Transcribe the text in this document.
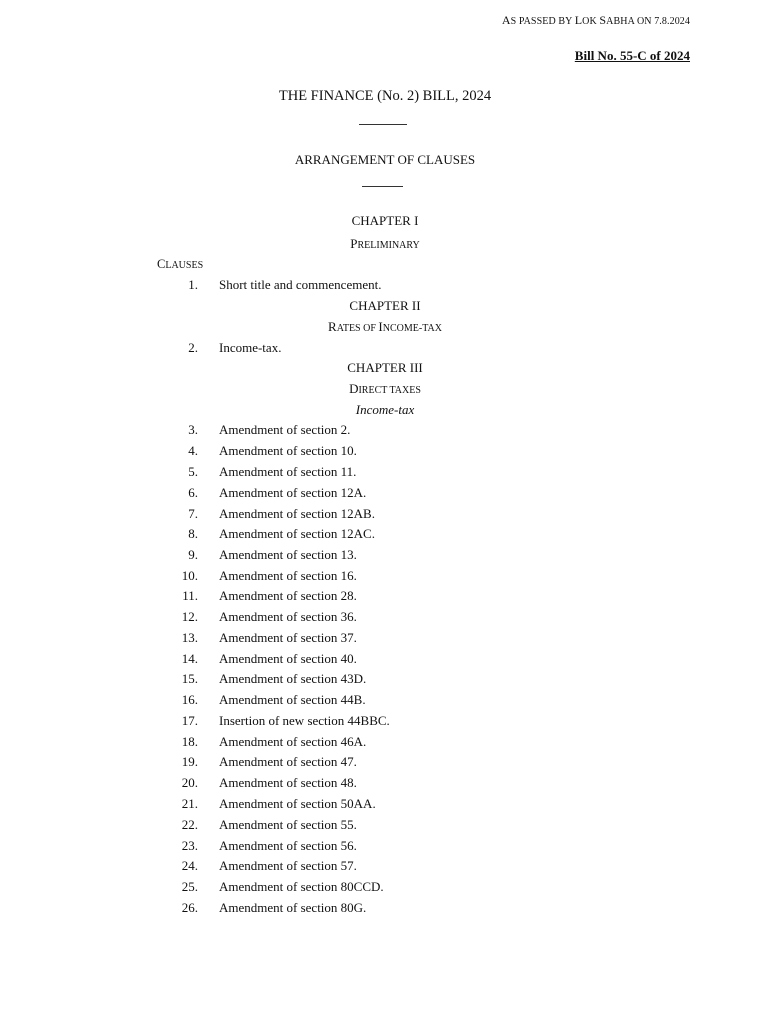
AS PASSED BY LOK SABHA ON 7.8.2024
Bill No. 55-C of 2024
THE FINANCE (No. 2) BILL, 2024
ARRANGEMENT OF CLAUSES
CHAPTER I
PRELIMINARY
CLAUSES
CHAPTER II
RATES OF INCOME-TAX
CHAPTER III
DIRECT TAXES
Income-tax
1. Short title and commencement.
2. Income-tax.
3. Amendment of section 2.
4. Amendment of section 10.
5. Amendment of section 11.
6. Amendment of section 12A.
7. Amendment of section 12AB.
8. Amendment of section 12AC.
9. Amendment of section 13.
10. Amendment of section 16.
11. Amendment of section 28.
12. Amendment of section 36.
13. Amendment of section 37.
14. Amendment of section 40.
15. Amendment of section 43D.
16. Amendment of section 44B.
17. Insertion of new section 44BBC.
18. Amendment of section 46A.
19. Amendment of section 47.
20. Amendment of section 48.
21. Amendment of section 50AA.
22. Amendment of section 55.
23. Amendment of section 56.
24. Amendment of section 57.
25. Amendment of section 80CCD.
26. Amendment of section 80G.
